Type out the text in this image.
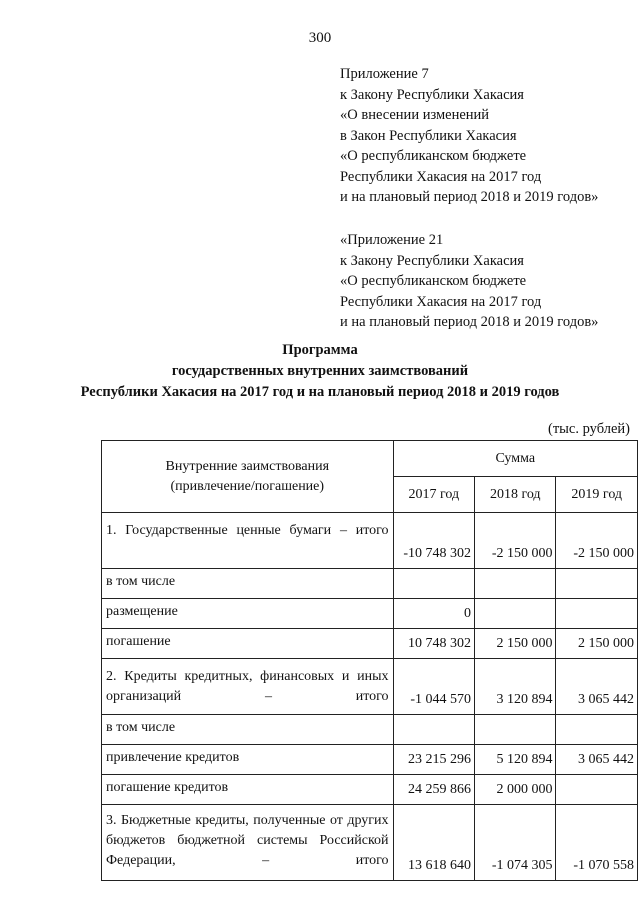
300
Приложение 7
к Закону Республики Хакасия
«О внесении изменений
в Закон Республики Хакасия
«О республиканском бюджете
Республики Хакасия на 2017 год
и на плановый период 2018 и 2019 годов»
«Приложение 21
к Закону Республики Хакасия
«О республиканском бюджете
Республики Хакасия на 2017 год
и на плановый период 2018 и 2019 годов»
Программа
государственных внутренних заимствований
Республики Хакасия на 2017 год и на плановый период 2018 и 2019 годов
(тыс. рублей)
Внутренние заимствования (привлечение/погашение)	Сумма		
	2017 год	2018 год	2019 год
1. Государственные ценные бумаги – итого	-10 748 302	-2 150 000	-2 150 000
в том числе			
размещение	0		
погашение	10 748 302	2 150 000	2 150 000
2. Кредиты кредитных, финансовых и иных организаций – итого	-1 044 570	3 120 894	3 065 442
в том числе			
привлечение кредитов	23 215 296	5 120 894	3 065 442
погашение кредитов	24 259 866	2 000 000	
3. Бюджетные кредиты, полученные от других бюджетов бюджетной системы Российской Федерации, – итого	13 618 640	-1 074 305	-1 070 558
